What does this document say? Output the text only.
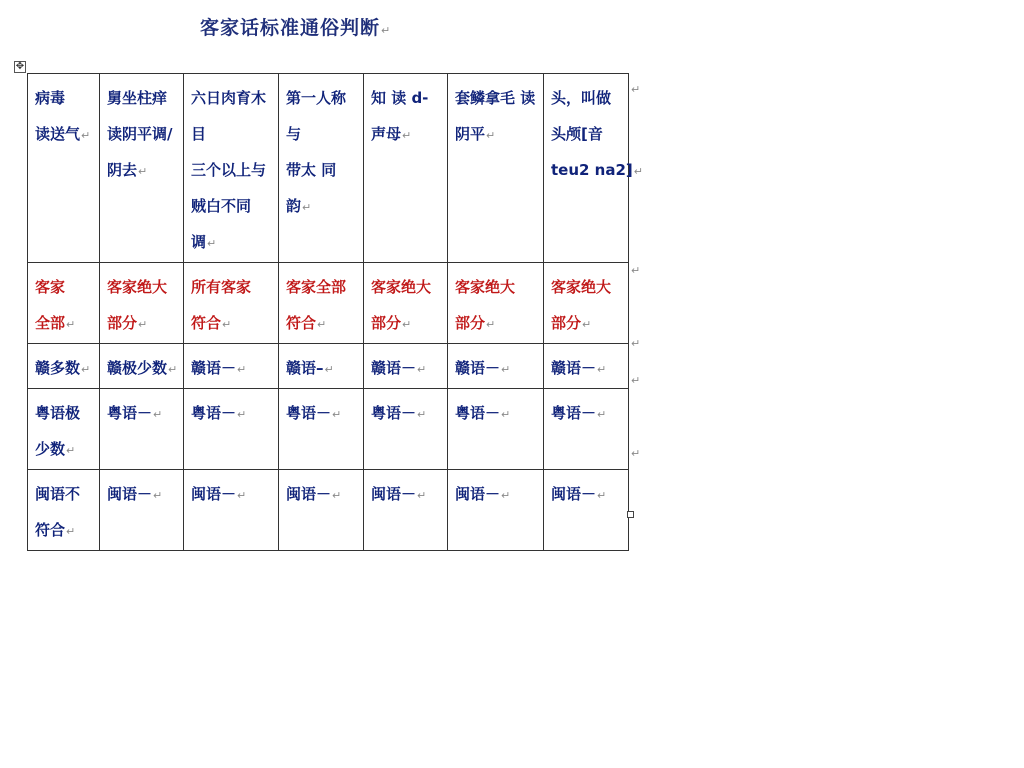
客家话标准通俗判断↵
✥
病毒
读送气↵	舅坐柱痒
读阴平调/
阴去↵	六日肉育木
目
三个以上与
贼白不同
调↵	第一人称
与
带太 同
韵↵	知 读 d-
声母↵	套鳞拿毛 读
阴平↵	头，叫做
头颅[音
teu2 na2]↵

客家
全部↵	客家绝大
部分↵	所有客家
符合↵	客家全部
符合↵	客家绝大
部分↵	客家绝大
部分↵	客家绝大
部分↵

赣多数↵	赣极少数↵	赣语－↵	赣语–↵	赣语－↵	赣语－↵	赣语－↵

粤语极
少数↵	粤语－↵	粤语－↵	粤语－↵	粤语－↵	粤语－↵	粤语－↵

闽语不
符合↵	闽语－↵	闽语－↵	闽语－↵	闽语－↵	闽语－↵	闽语－↵
↵
↵
↵
↵
↵
